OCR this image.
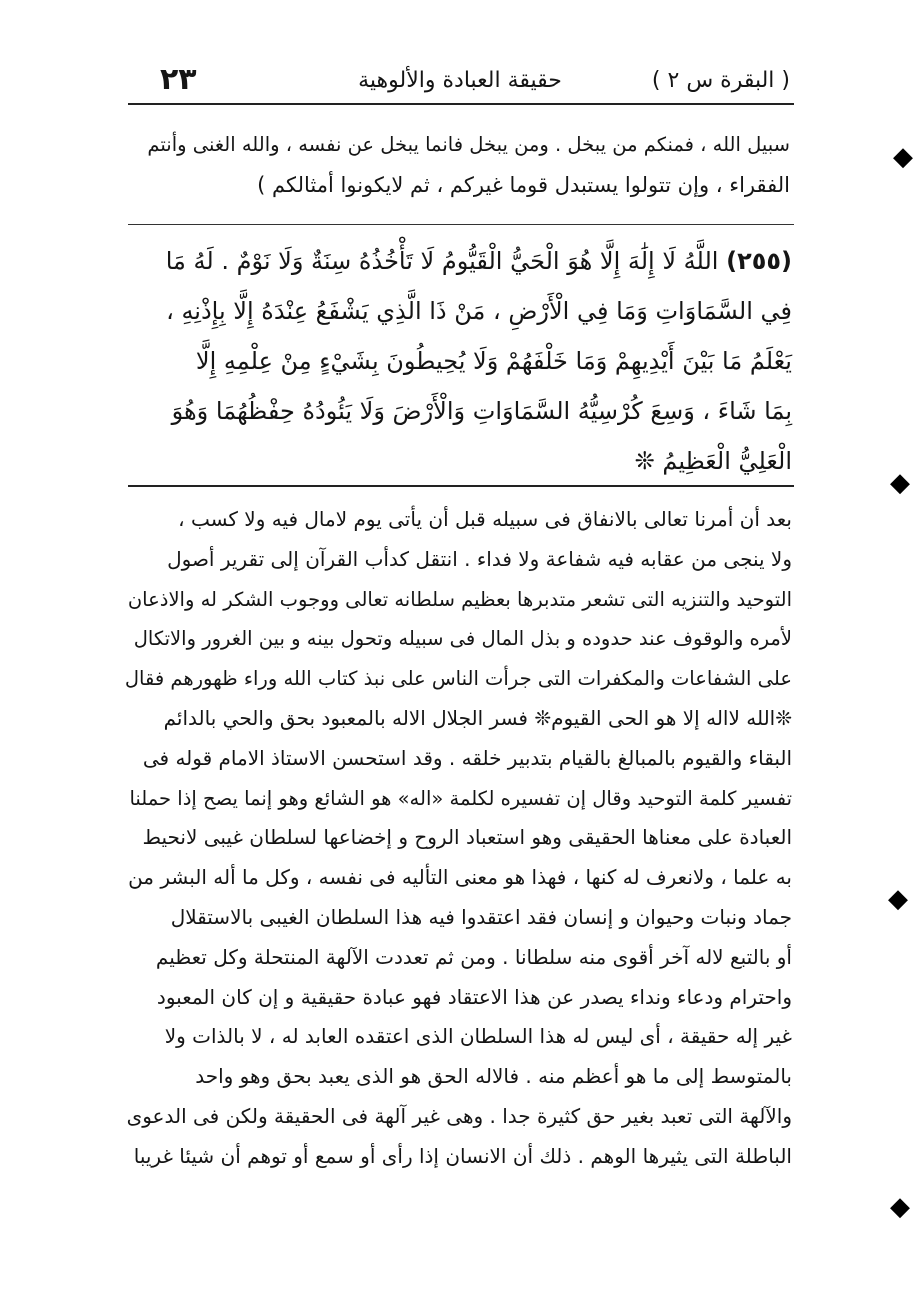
( البقرة س ٢ )
حقيقة العبادة والألوهية
٢٣
سبيل الله ، فمنكم من يبخل . ومن يبخل فانما يبخل عن نفسه ، والله الغنى وأنتم
الفقراء ، وإن تتولوا يستبدل قوما غيركم ، ثم لايكونوا أمثالكم )
(٢٥٥) اللَّهُ لَا إِلَٰهَ إِلَّا هُوَ الْحَيُّ الْقَيُّومُ لَا تَأْخُذُهُ سِنَةٌ وَلَا نَوْمٌ . لَهُ مَا
فِي السَّمَاوَاتِ وَمَا فِي الْأَرْضِ ، مَنْ ذَا الَّذِي يَشْفَعُ عِنْدَهُ إِلَّا بِإِذْنِهِ ،
يَعْلَمُ مَا بَيْنَ أَيْدِيهِمْ وَمَا خَلْفَهُمْ وَلَا يُحِيطُونَ بِشَيْءٍ مِنْ عِلْمِهِ إِلَّا
بِمَا شَاءَ ، وَسِعَ كُرْسِيُّهُ السَّمَاوَاتِ وَالْأَرْضَ وَلَا يَئُودُهُ حِفْظُهُمَا وَهُوَ
الْعَلِيُّ الْعَظِيمُ ❊
بعد أن أمرنا تعالى بالانفاق فى سبيله قبل أن يأتى يوم لامال فيه ولا كسب ،
ولا ينجى من عقابه فيه شفاعة ولا فداء . انتقل كدأب القرآن إلى تقرير أصول
التوحيد والتنزيه التى تشعر متدبرها بعظيم سلطانه تعالى ووجوب الشكر له والاذعان
لأمره والوقوف عند حدوده و بذل المال فى سبيله وتحول بينه و بين الغرور والاتكال
على الشفاعات والمكفرات التى جرأت الناس على نبذ كتاب الله وراء ظهورهم فقال
❊الله لااله إلا هو الحى القيوم❊ فسر الجلال الاله بالمعبود بحق والحي بالدائم
البقاء والقيوم بالمبالغ بالقيام بتدبير خلقه . وقد استحسن الاستاذ الامام قوله فى
تفسير كلمة التوحيد وقال إن تفسيره لكلمة «اله» هو الشائع وهو إنما يصح إذا حملنا
العبادة على معناها الحقيقى وهو استعباد الروح و إخضاعها لسلطان غيبى لانحيط
به علما ، ولانعرف له كنها ، فهذا هو معنى التأليه فى نفسه ، وكل ما أله البشر من
جماد ونبات وحيوان و إنسان فقد اعتقدوا فيه هذا السلطان الغيبى بالاستقلال
أو بالتبع لاله آخر أقوى منه سلطانا . ومن ثم تعددت الآلهة المنتحلة وكل تعظيم
واحترام ودعاء ونداء يصدر عن هذا الاعتقاد فهو عبادة حقيقية و إن كان المعبود
غير إله حقيقة ، أى ليس له هذا السلطان الذى اعتقده العابد له ، لا بالذات ولا
بالمتوسط إلى ما هو أعظم منه . فالاله الحق هو الذى يعبد بحق وهو واحد
والآلهة التى تعبد بغير حق كثيرة جدا . وهى غير آلهة فى الحقيقة ولكن فى الدعوى
الباطلة التى يثيرها الوهم . ذلك أن الانسان إذا رأى أو سمع أو توهم أن شيئا غريبا
◆
◆
◆
◆
